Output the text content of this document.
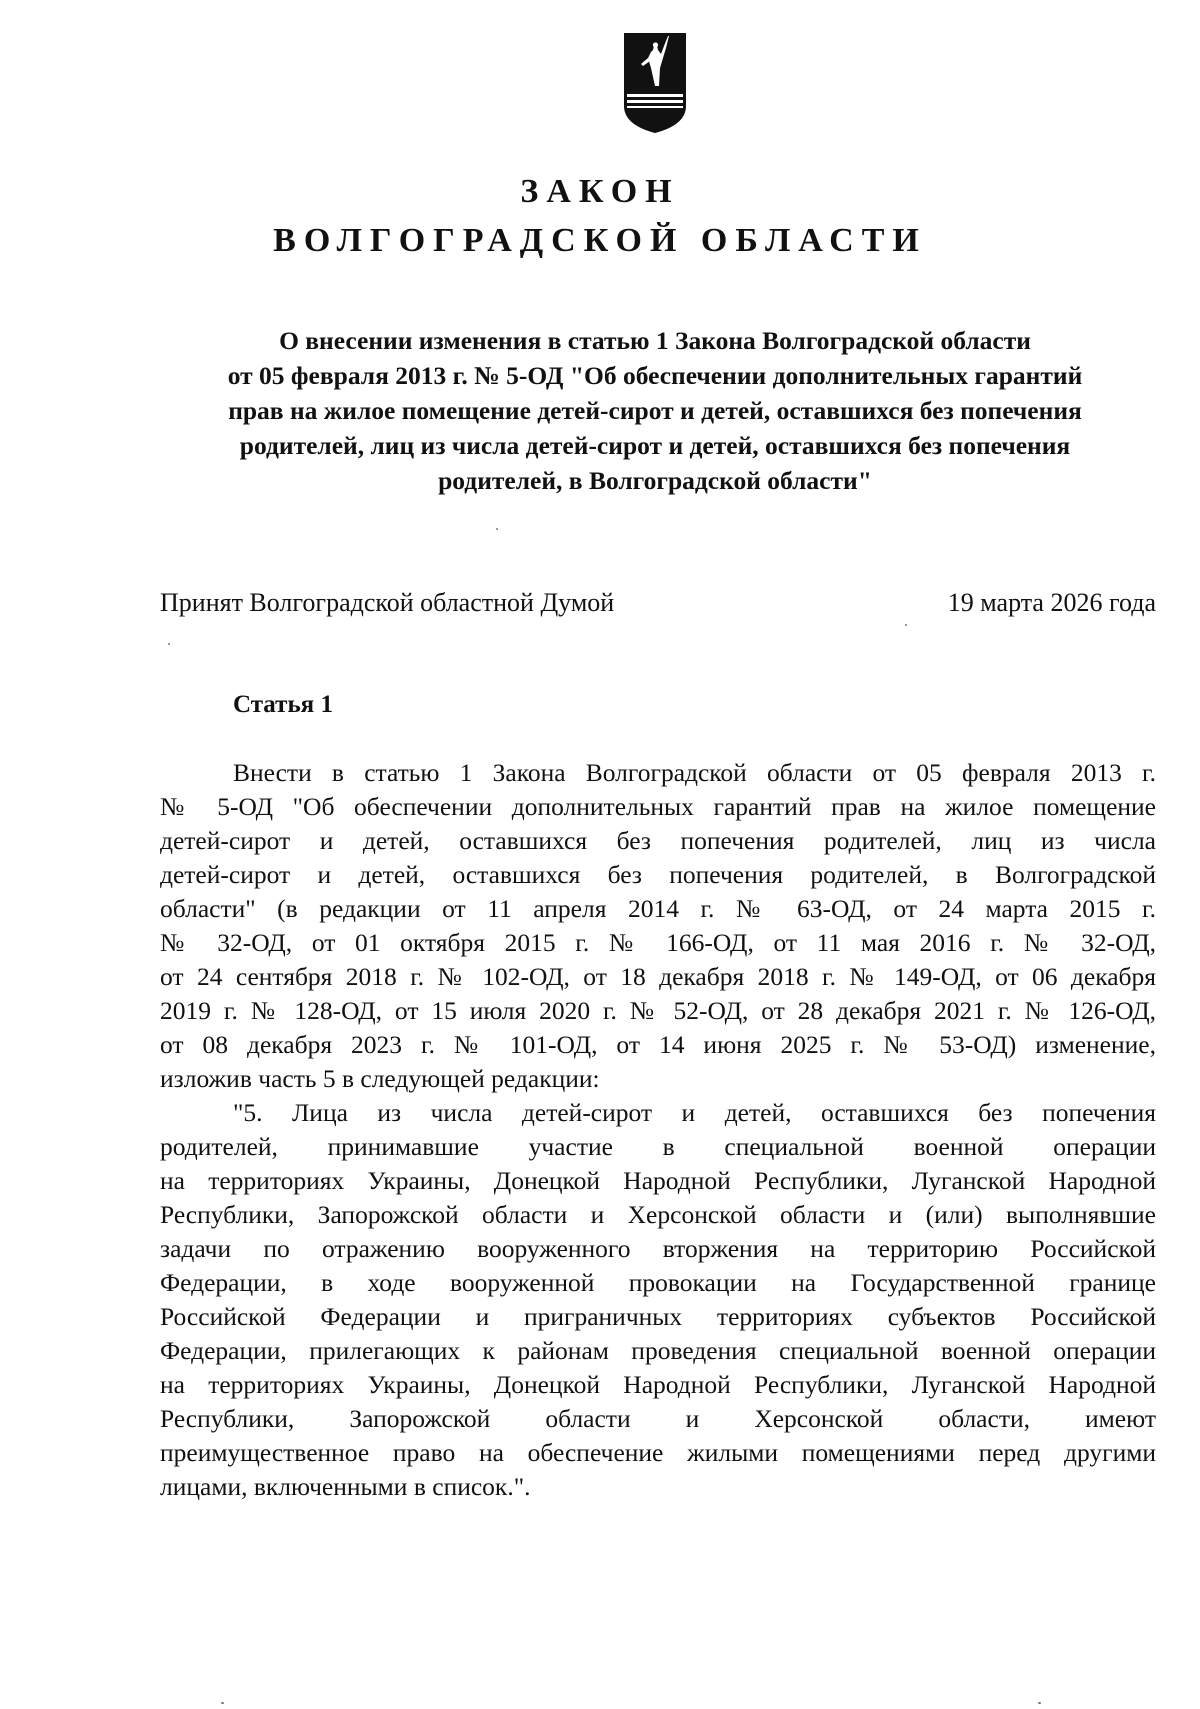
ЗАКОН
ВОЛГОГРАДСКОЙ ОБЛАСТИ
О внесении изменения в статью 1 Закона Волгоградской области
от 05 февраля 2013 г. № 5-ОД "Об обеспечении дополнительных гарантий
прав на жилое помещение детей-сирот и детей, оставшихся без попечения
родителей, лиц из числа детей-сирот и детей, оставшихся без попечения
родителей, в Волгоградской области"
Принят Волгоградской областной Думой	19 марта 2026 года
Статья 1
Внести в статью 1 Закона Волгоградской области от 05 февраля 2013 г.
№ 5-ОД "Об обеспечении дополнительных гарантий прав на жилое помещение
детей-сирот и детей, оставшихся без попечения родителей, лиц из числа
детей-сирот и детей, оставшихся без попечения родителей, в Волгоградской
области" (в редакции от 11 апреля 2014 г. № 63-ОД, от 24 марта 2015 г.
№ 32-ОД, от 01 октября 2015 г. № 166-ОД, от 11 мая 2016 г. № 32-ОД,
от 24 сентября 2018 г. № 102-ОД, от 18 декабря 2018 г. № 149-ОД, от 06 декабря
2019 г. № 128-ОД, от 15 июля 2020 г. № 52-ОД, от 28 декабря 2021 г. № 126-ОД,
от 08 декабря 2023 г. № 101-ОД, от 14 июня 2025 г. № 53-ОД) изменение,
изложив часть 5 в следующей редакции:
"5. Лица из числа детей-сирот и детей, оставшихся без попечения
родителей, принимавшие участие в специальной военной операции
на территориях Украины, Донецкой Народной Республики, Луганской Народной
Республики, Запорожской области и Херсонской области и (или) выполнявшие
задачи по отражению вооруженного вторжения на территорию Российской
Федерации, в ходе вооруженной провокации на Государственной границе
Российской Федерации и приграничных территориях субъектов Российской
Федерации, прилегающих к районам проведения специальной военной операции
на территориях Украины, Донецкой Народной Республики, Луганской Народной
Республики, Запорожской области и Херсонской области, имеют
преимущественное право на обеспечение жилыми помещениями перед другими
лицами, включенными в список.".
